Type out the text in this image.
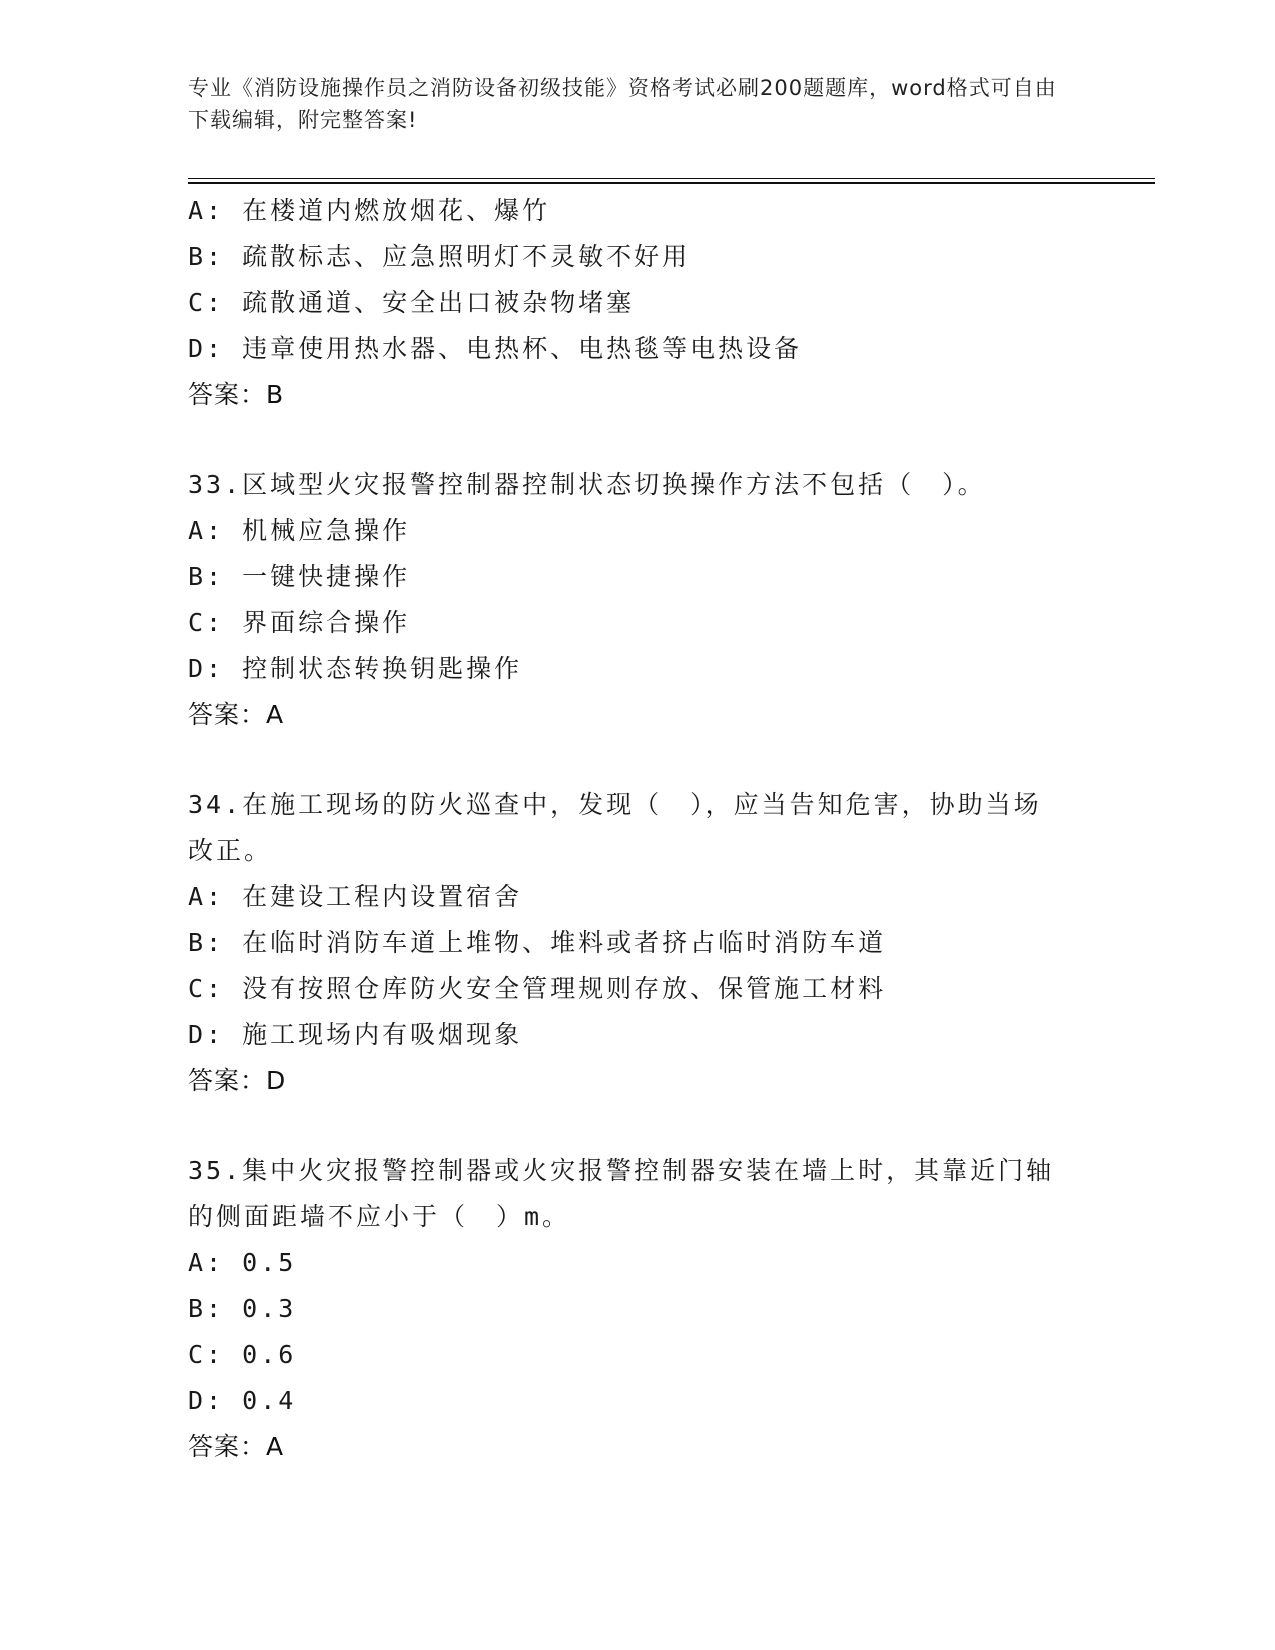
专业《消防设施操作员之消防设备初级技能》资格考试必刷200题题库，word格式可自由下载编辑，附完整答案!
A: 在楼道内燃放烟花、爆竹
B: 疏散标志、应急照明灯不灵敏不好用
C: 疏散通道、安全出口被杂物堵塞
D: 违章使用热水器、电热杯、电热毯等电热设备
答案：B
33.区域型火灾报警控制器控制状态切换操作方法不包括（　）。
A: 机械应急操作
B: 一键快捷操作
C: 界面综合操作
D: 控制状态转换钥匙操作
答案：A
34.在施工现场的防火巡查中，发现（　），应当告知危害，协助当场
改正。
A: 在建设工程内设置宿舍
B: 在临时消防车道上堆物、堆料或者挤占临时消防车道
C: 没有按照仓库防火安全管理规则存放、保管施工材料
D: 施工现场内有吸烟现象
答案：D
35.集中火灾报警控制器或火灾报警控制器安装在墙上时，其靠近门轴
的侧面距墙不应小于（　）m。
A: 0.5
B: 0.3
C: 0.6
D: 0.4
答案：A
